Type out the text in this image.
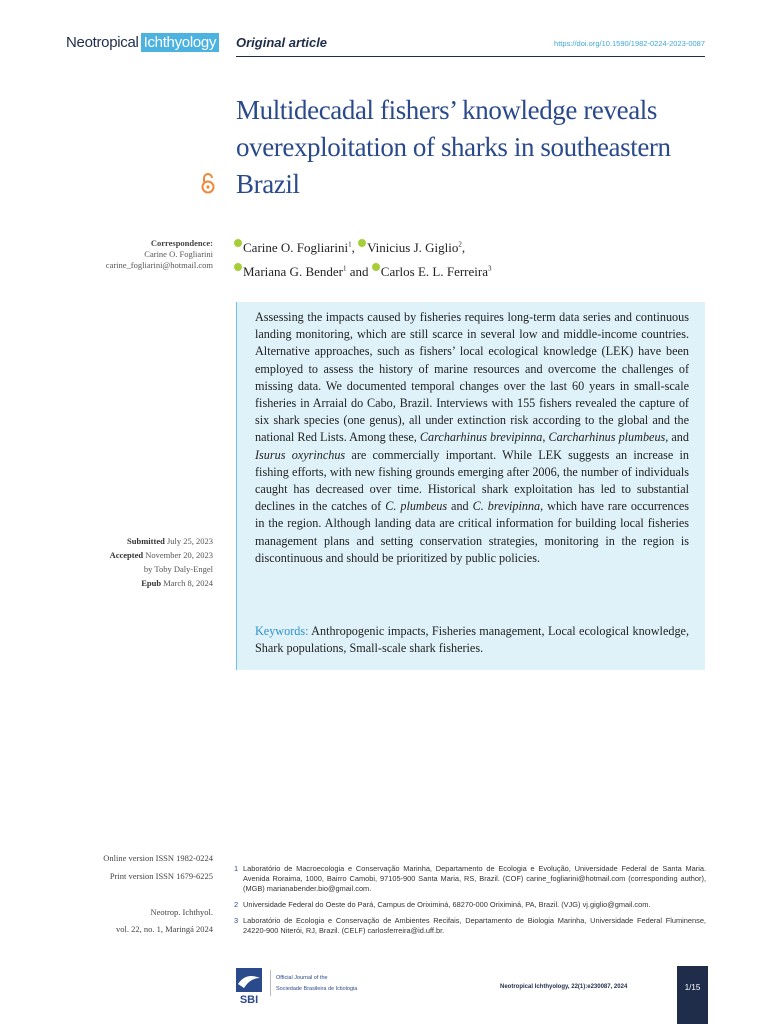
Neotropical Ichthyology Original article	https://doi.org/10.1590/1982-0224-2023-0087
Multidecadal fishers’ knowledge reveals overexploitation of sharks in southeastern Brazil
Correspondence:
Carine O. Fogliarini
carine_fogliarini@hotmail.com
Carine O. Fogliarini$^1$, Vinicius J. Giglio$^2$,
Mariana G. Bender$^1$ and Carlos E. L. Ferreira$^3$

Assessing the impacts caused by fisheries requires long-term data series and continuous landing monitoring, which are still scarce in several low and middle-income countries. Alternative approaches, such as fishers’ local ecological knowledge (LEK) have been employed to assess the history of marine resources and overcome the challenges of missing data. We documented temporal changes over the last 60 years in small-scale fisheries in Arraial do Cabo, Brazil. Interviews with 155 fishers revealed the capture of six shark species (one genus), all under extinction risk according to the global and the national Red Lists. Among these, Carcharhinus brevipinna, Carcharhinus plumbeus, and Isurus oxyrinchus are commercially important. While LEK suggests an increase in fishing efforts, with new fishing grounds emerging after 2006, the number of individuals caught has decreased over time. Historical shark exploitation has led to substantial declines in the catches of C. plumbeus and C. brevipinna, which have rare occurrences in the region. Although landing data are critical information for building local fisheries management plans and setting conservation strategies, monitoring in the region is discontinuous and should be prioritized by public policies.

Keywords: Anthropogenic impacts, Fisheries management, Local ecological knowledge, Shark populations, Small-scale shark fisheries.

Submitted July 25, 2023
Accepted November 20, 2023
by Toby Daly-Engel
Epub March 8, 2024
Online version ISSN 1982-0224
Print version ISSN 1679-6225
Neotrop. Ichthyol.
vol. 22, no. 1, Maringá 2024
1 Laboratório de Macroecologia e Conservação Marinha, Departamento de Ecologia e Evolução, Universidade Federal de Santa Maria. Avenida Roraima, 1000, Bairro Camobi, 97105-900 Santa Maria, RS, Brazil. (COF) carine_fogliarini@hotmail.com (corresponding author), (MGB) marianabender.bio@gmail.com.
2 Universidade Federal do Oeste do Pará, Campus de Oriximiná, 68270-000 Oriximiná, PA, Brazil. (VJG) vj.giglio@gmail.com.
3 Laboratório de Ecologia e Conservação de Ambientes Recifais, Departamento de Biologia Marinha, Universidade Federal Fluminense, 24220-900 Niterói, RJ, Brazil. (CELF) carlosferreira@id.uff.br.
SBI
Official Journal of the
Sociedade Brasileira de Ictiologia	Neotropical Ichthyology, 22(1):e230087, 2024	1/15
